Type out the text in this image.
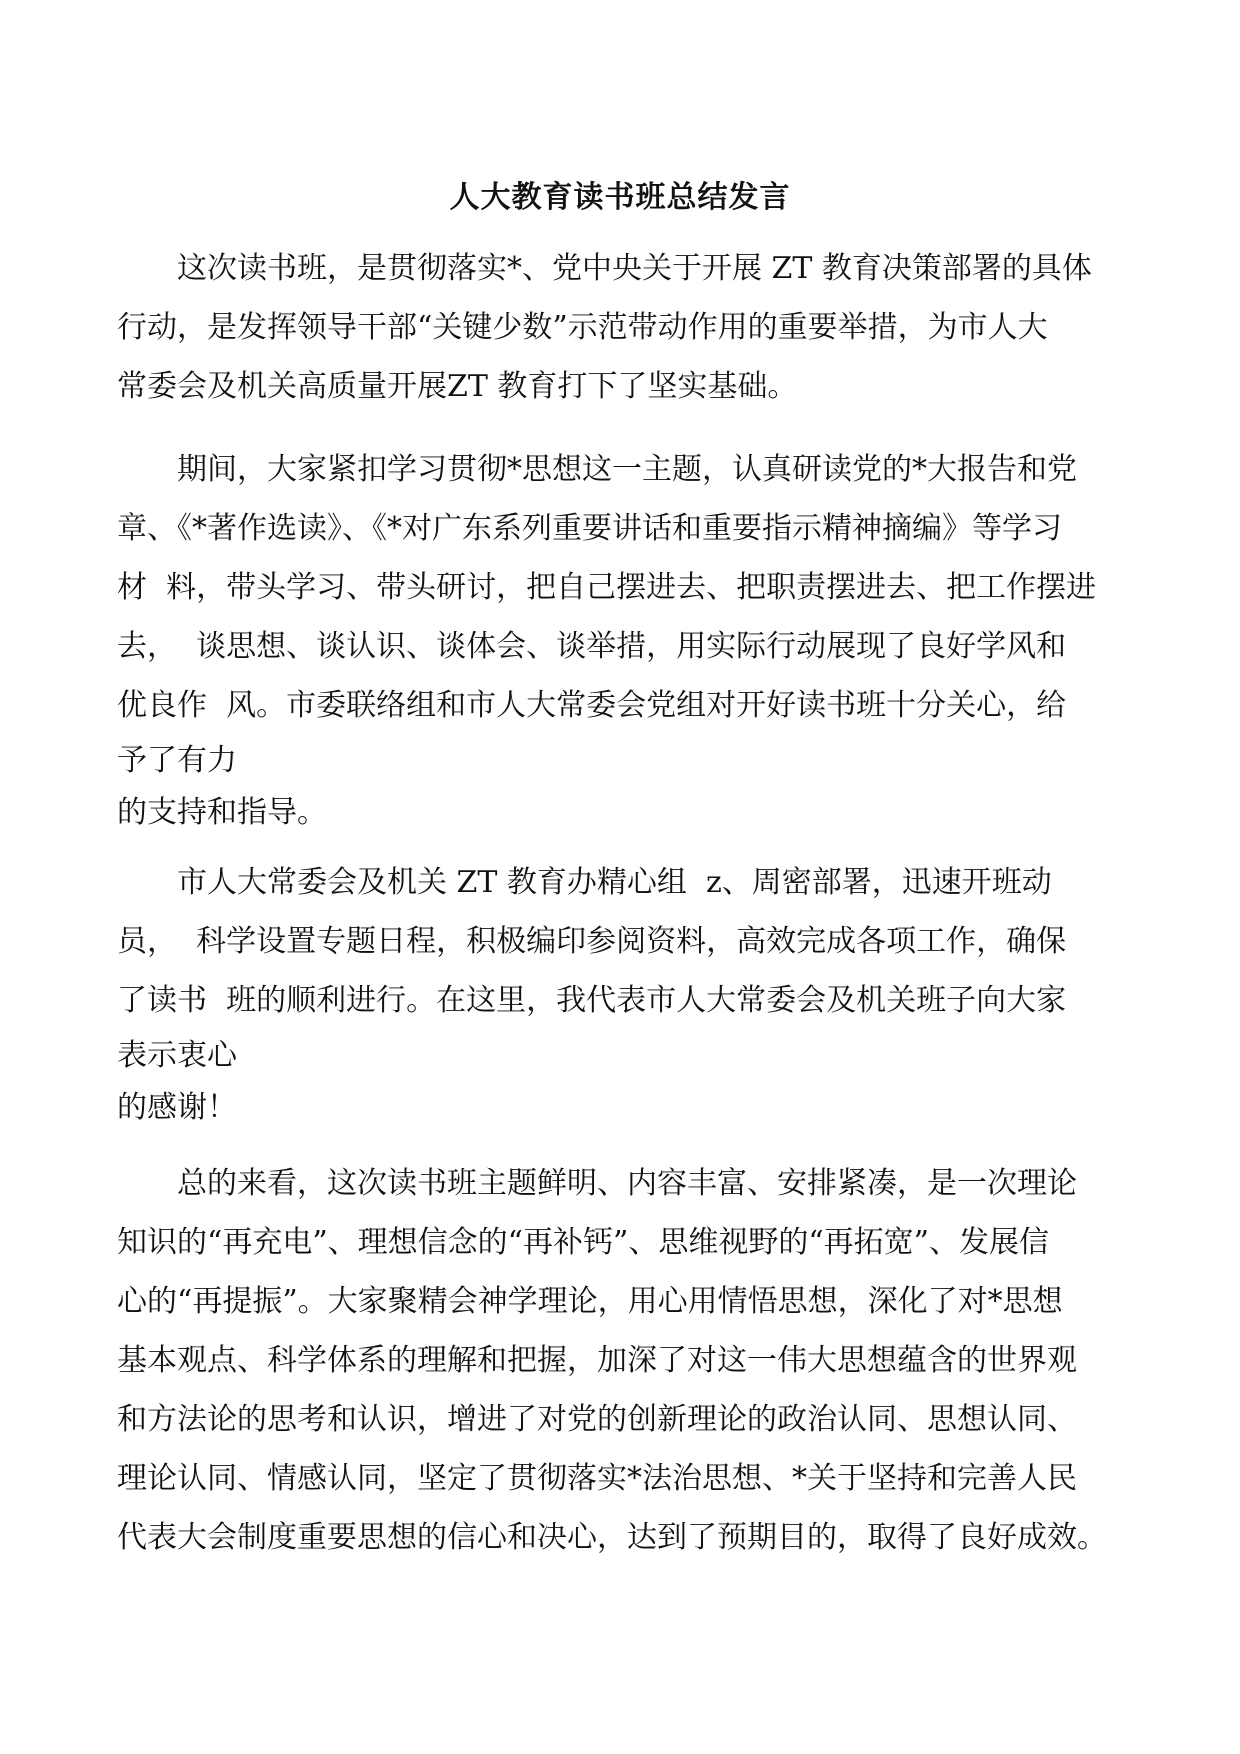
人大教育读书班总结发言
这次读书班，是贯彻落实*、党中央关于开展 ZT 教育决策部署的具体
行动，是发挥领导干部“关键少数”示范带动作用的重要举措，为市人大
常委会及机关高质量开展ZT 教育打下了坚实基础。
期间，大家紧扣学习贯彻*思想这一主题，认真研读党的*大报告和党
章、《*著作选读》、《*对广东系列重要讲话和重要指示精神摘编》等学习
材  料，带头学习、带头研讨，把自己摆进去、把职责摆进去、把工作摆进
去，  谈思想、谈认识、谈体会、谈举措，用实际行动展现了良好学风和
优良作  风。市委联络组和市人大常委会党组对开好读书班十分关心，给
予了有力
的支持和指导。
市人大常委会及机关 ZT 教育办精心组  z、周密部署，迅速开班动
员，  科学设置专题日程，积极编印参阅资料，高效完成各项工作，确保
了读书  班的顺利进行。在这里，我代表市人大常委会及机关班子向大家
表示衷心
的感谢！
总的来看，这次读书班主题鲜明、内容丰富、安排紧凑，是一次理论
知识的“再充电”、理想信念的“再补钙”、思维视野的“再拓宽”、发展信
心的“再提振”。大家聚精会神学理论，用心用情悟思想，深化了对*思想
基本观点、科学体系的理解和把握，加深了对这一伟大思想蕴含的世界观
和方法论的思考和认识，增进了对党的创新理论的政治认同、思想认同、
理论认同、情感认同，坚定了贯彻落实*法治思想、*关于坚持和完善人民
代表大会制度重要思想的信心和决心，达到了预期目的，取得了良好成效。
